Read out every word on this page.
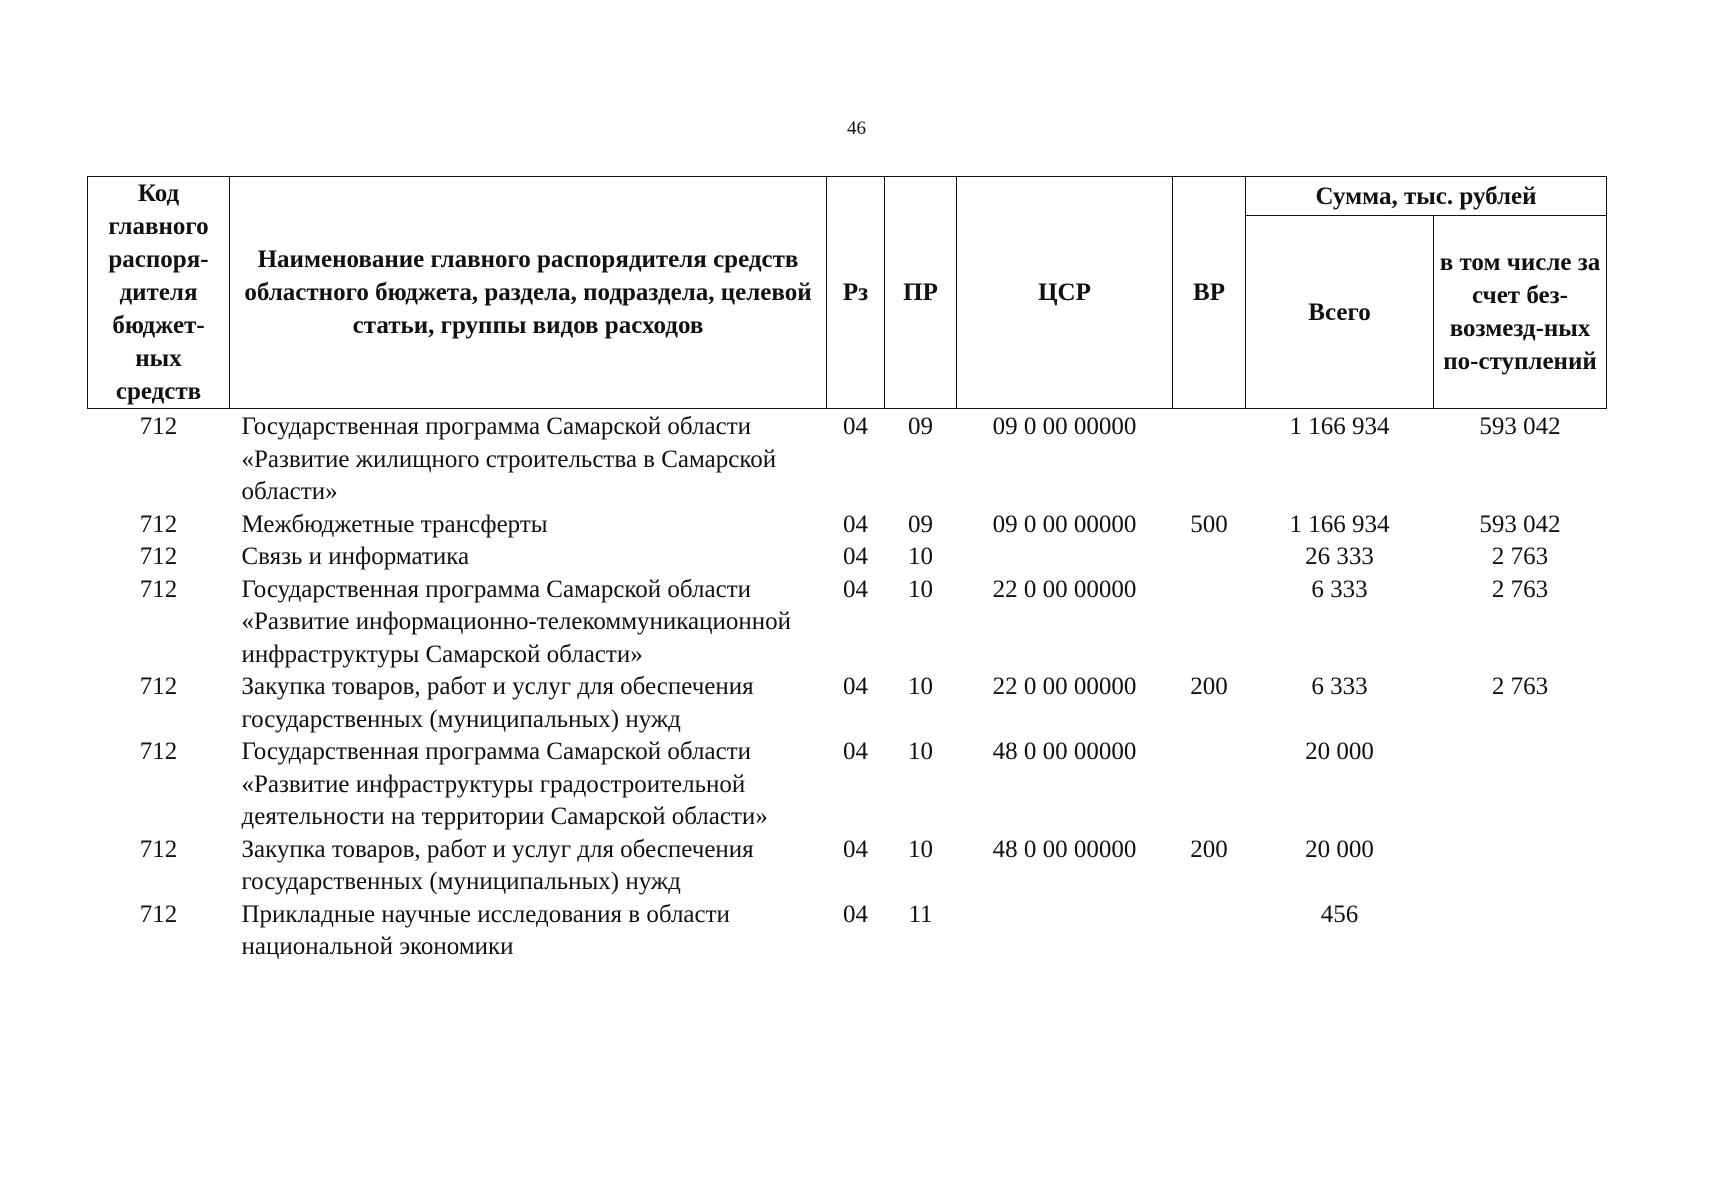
46
Код главного распоря-дителя бюджет-ных средств	Наименование главного распорядителя средств областного бюджета, раздела, подраздела, целевой статьи, группы видов расходов	Рз	ПР	ЦСР	ВР	Сумма, тыс. рублей	
						Всего	в том числе за счет без-возмезд-ных по-ступлений
712	Государственная программа Самарской области «Развитие жилищного строительства в Самарской области»	04	09	09 0 00 00000		1 166 934	593 042
712	Межбюджетные трансферты	04	09	09 0 00 00000	500	1 166 934	593 042
712	Связь и информатика	04	10			26 333	2 763
712	Государственная программа Самарской области «Развитие информационно-телекоммуникационной инфраструктуры Самарской области»	04	10	22 0 00 00000		6 333	2 763
712	Закупка товаров, работ и услуг для обеспечения государственных (муниципальных) нужд	04	10	22 0 00 00000	200	6 333	2 763
712	Государственная программа Самарской области «Развитие инфраструктуры градостроительной деятельности на территории Самарской области»	04	10	48 0 00 00000		20 000	
712	Закупка товаров, работ и услуг для обеспечения государственных (муниципальных) нужд	04	10	48 0 00 00000	200	20 000	
712	Прикладные научные исследования в области национальной экономики	04	11			456	
